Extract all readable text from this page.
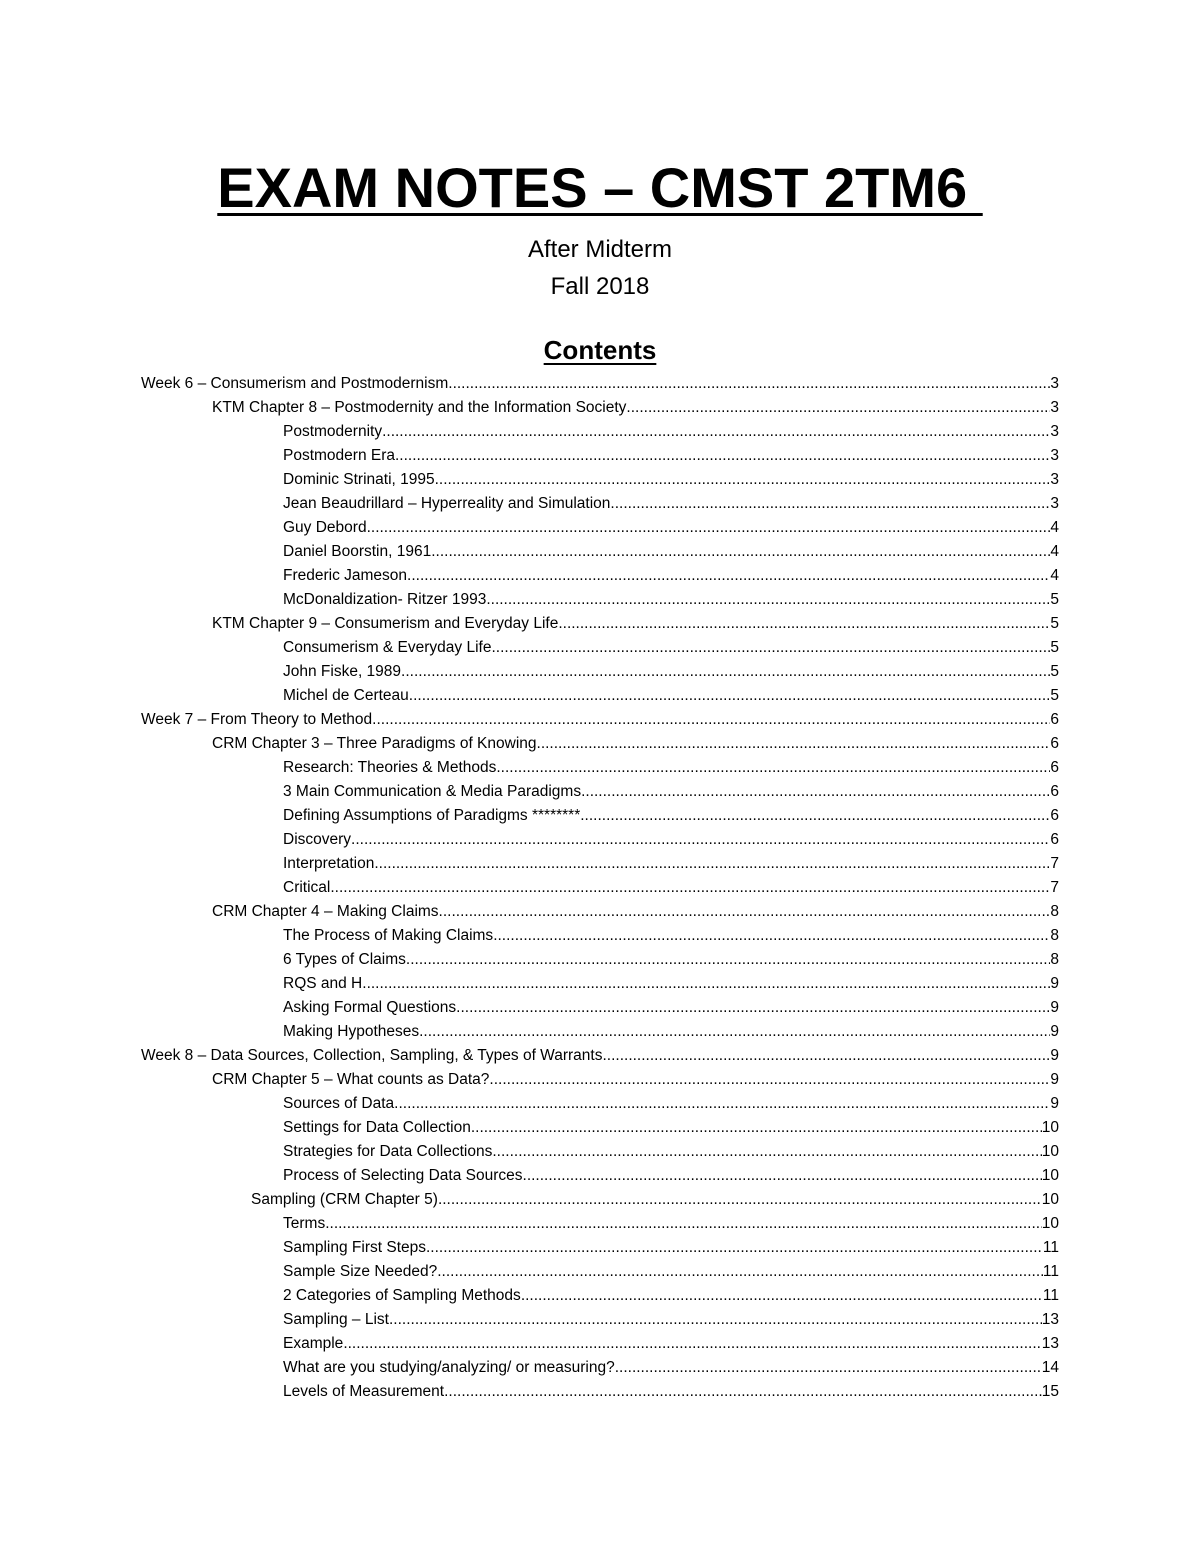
EXAM NOTES – CMST 2TM6
After Midterm
Fall 2018
Contents
Week 6 – Consumerism and Postmodernism .....	3
KTM Chapter 8 – Postmodernity and the Information Society .....	3
Postmodernity .....	3
Postmodern Era .....	3
Dominic Strinati, 1995 .....	3
Jean Beaudrillard – Hyperreality and Simulation .....	3
Guy Debord .....	4
Daniel Boorstin, 1961 .....	4
Frederic Jameson .....	4
McDonaldization- Ritzer 1993 .....	5
KTM Chapter 9 – Consumerism and Everyday Life .....	5
Consumerism & Everyday Life .....	5
John Fiske, 1989 .....	5
Michel de Certeau .....	5
Week 7 – From Theory to Method .....	6
CRM Chapter 3 – Three Paradigms of Knowing .....	6
Research: Theories & Methods .....	6
3 Main Communication & Media Paradigms .....	6
Defining Assumptions of Paradigms ******** .....	6
Discovery .....	6
Interpretation .....	7
Critical .....	7
CRM Chapter 4 – Making Claims .....	8
The Process of Making Claims .....	8
6 Types of Claims .....	8
RQS and H .....	9
Asking Formal Questions .....	9
Making Hypotheses .....	9
Week 8 – Data Sources, Collection, Sampling, & Types of Warrants .....	9
CRM Chapter 5 – What counts as Data? .....	9
Sources of Data .....	9
Settings for Data Collection .....	10
Strategies for Data Collections .....	10
Process of Selecting Data Sources .....	10
Sampling (CRM Chapter 5) .....	10
Terms .....	10
Sampling First Steps .....	11
Sample Size Needed? .....	11
2 Categories of Sampling Methods .....	11
Sampling – List .....	13
Example .....	13
What are you studying/analyzing/ or measuring? .....	14
Levels of Measurement .....	15
